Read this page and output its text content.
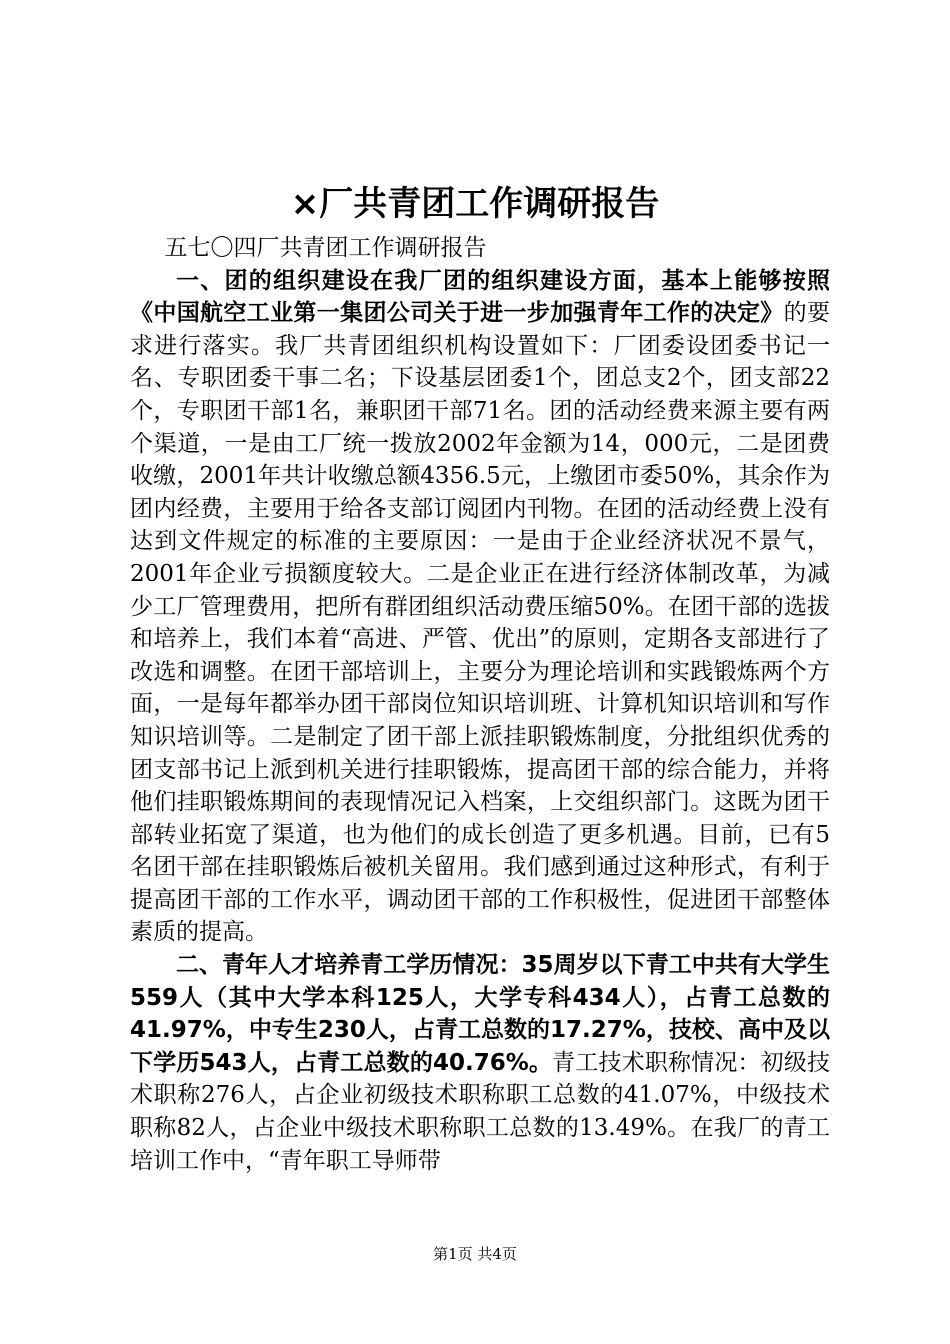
×厂共青团工作调研报告

五七〇四厂共青团工作调研报告

一、团的组织建设在我厂团的组织建设方面，基本上能够按照《中国航空工业第一集团公司关于进一步加强青年工作的决定》的要求进行落实。我厂共青团组织机构设置如下：厂团委设团委书记一名、专职团委干事二名；下设基层团委1个，团总支2个，团支部22个，专职团干部1名，兼职团干部71名。团的活动经费来源主要有两个渠道，一是由工厂统一拨放2002年金额为14，000元，二是团费收缴，2001年共计收缴总额4356.5元，上缴团市委50%，其余作为团内经费，主要用于给各支部订阅团内刊物。在团的活动经费上没有达到文件规定的标准的主要原因：一是由于企业经济状况不景气，2001年企业亏损额度较大。二是企业正在进行经济体制改革，为减少工厂管理费用，把所有群团组织活动费压缩50%。在团干部的选拔和培养上，我们本着“高进、严管、优出”的原则，定期各支部进行了改选和调整。在团干部培训上，主要分为理论培训和实践锻炼两个方面，一是每年都举办团干部岗位知识培训班、计算机知识培训和写作知识培训等。二是制定了团干部上派挂职锻炼制度，分批组织优秀的团支部书记上派到机关进行挂职锻炼，提高团干部的综合能力，并将他们挂职锻炼期间的表现情况记入档案，上交组织部门。这既为团干部转业拓宽了渠道，也为他们的成长创造了更多机遇。目前，已有5名团干部在挂职锻炼后被机关留用。我们感到通过这种形式，有利于提高团干部的工作水平，调动团干部的工作积极性，促进团干部整体素质的提高。

二、青年人才培养青工学历情况：35周岁以下青工中共有大学生559人（其中大学本科125人，大学专科434人），占青工总数的41.97%，中专生230人，占青工总数的17.27%，技校、高中及以下学历543人，占青工总数的40.76%。青工技术职称情况：初级技术职称276人，占企业初级技术职称职工总数的41.07%，中级技术职称82人，占企业中级技术职称职工总数的13.49%。在我厂的青工培训工作中，“青年职工导师带

第1页 共4页
